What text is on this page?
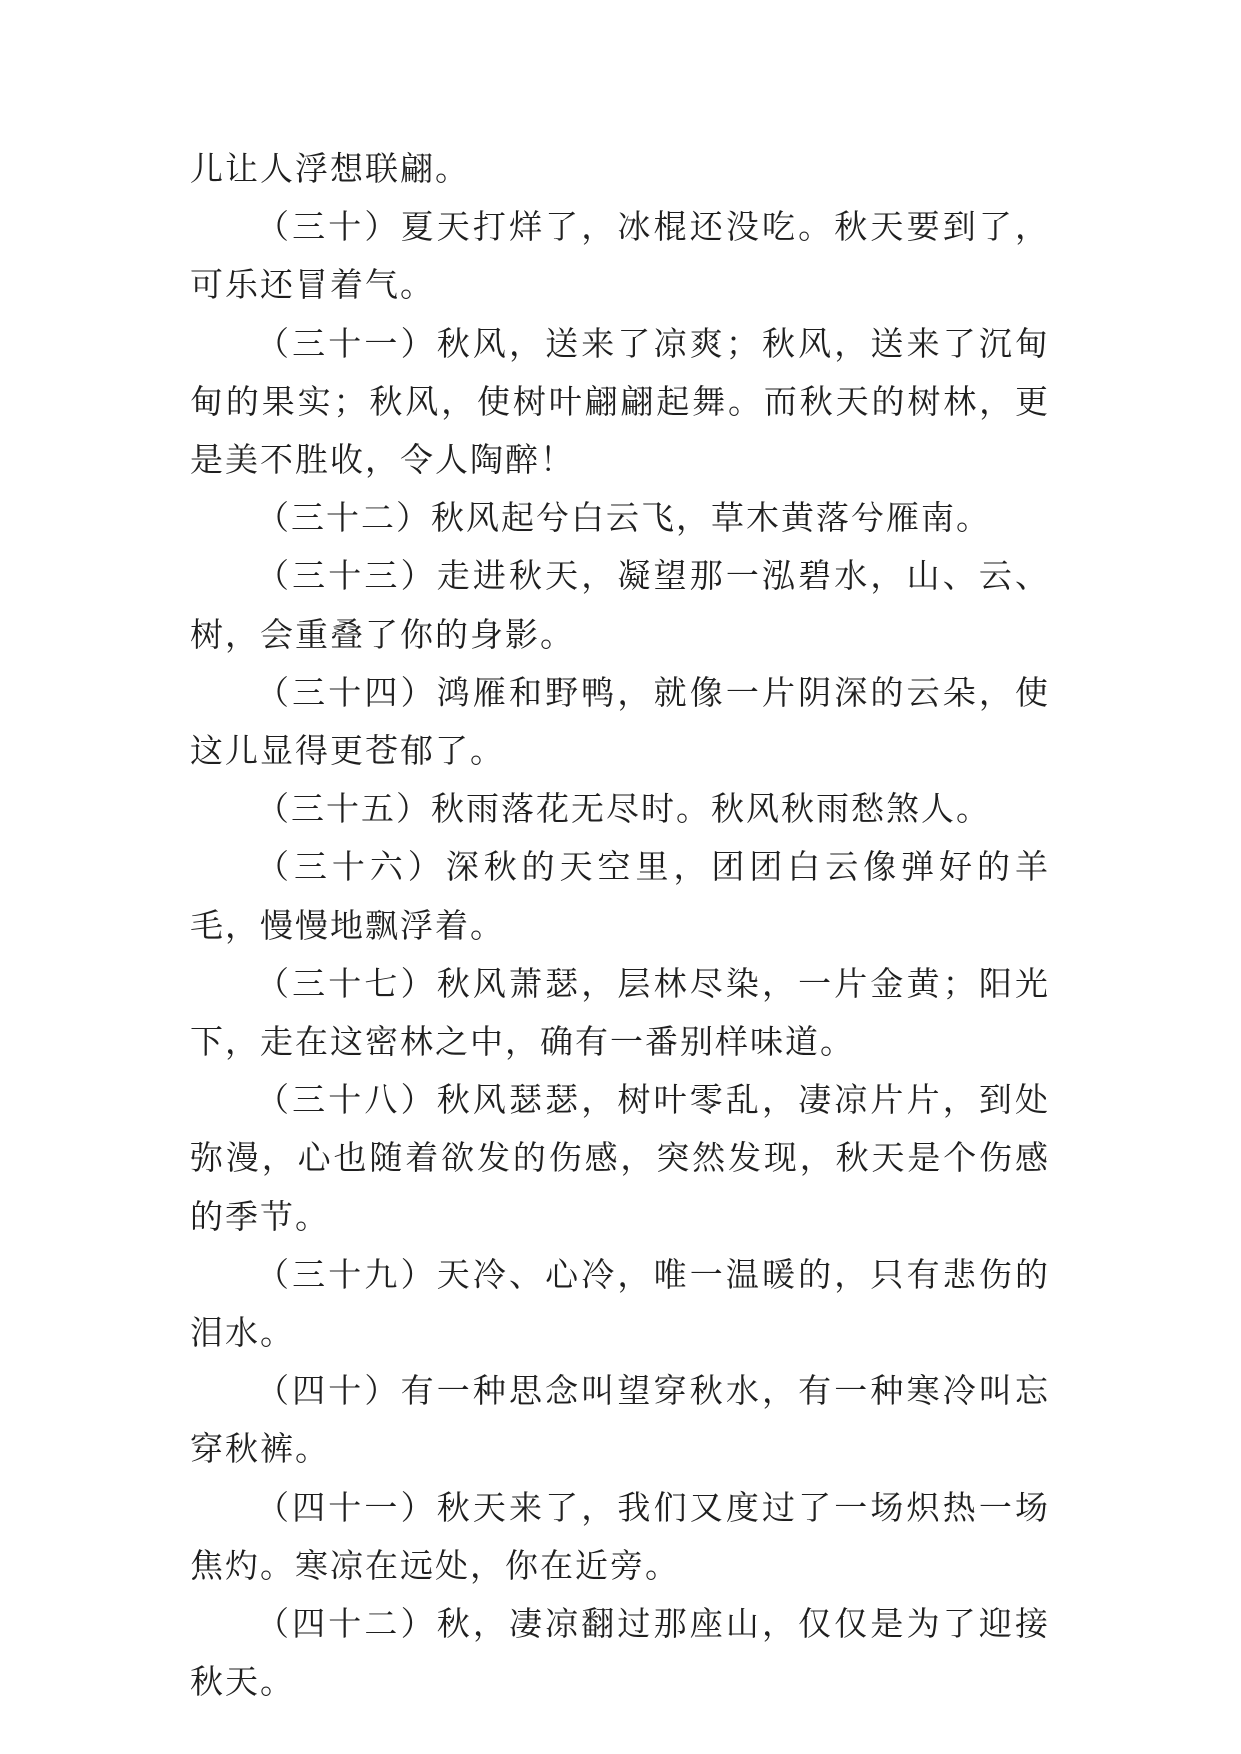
儿让人浮想联翩。

（三十）夏天打烊了，冰棍还没吃。秋天要到了，可乐还冒着气。

（三十一）秋风，送来了凉爽；秋风，送来了沉甸甸的果实；秋风，使树叶翩翩起舞。而秋天的树林，更是美不胜收，令人陶醉！

（三十二）秋风起兮白云飞，草木黄落兮雁南。

（三十三）走进秋天，凝望那一泓碧水，山、云、树，会重叠了你的身影。

（三十四）鸿雁和野鸭，就像一片阴深的云朵，使这儿显得更苍郁了。

（三十五）秋雨落花无尽时。秋风秋雨愁煞人。

（三十六）深秋的天空里，团团白云像弹好的羊毛，慢慢地飘浮着。

（三十七）秋风萧瑟，层林尽染，一片金黄；阳光下，走在这密林之中，确有一番别样味道。

（三十八）秋风瑟瑟，树叶零乱，凄凉片片，到处弥漫，心也随着欲发的伤感，突然发现，秋天是个伤感的季节。

（三十九）天冷、心冷，唯一温暖的，只有悲伤的泪水。

（四十）有一种思念叫望穿秋水，有一种寒冷叫忘穿秋裤。

（四十一）秋天来了，我们又度过了一场炽热一场焦灼。寒凉在远处，你在近旁。

（四十二）秋，凄凉翻过那座山，仅仅是为了迎接秋天。
